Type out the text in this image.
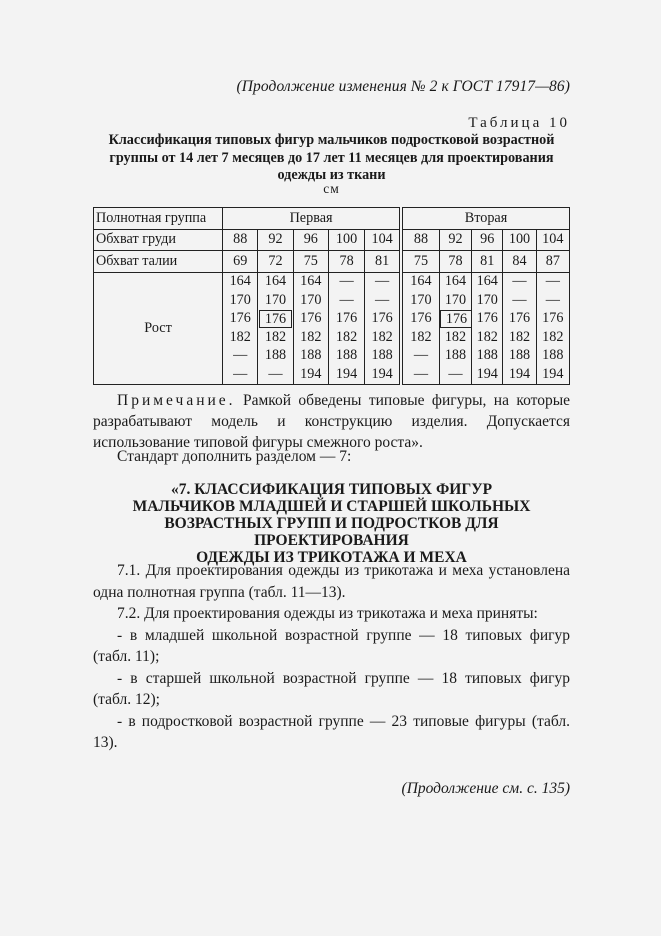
(Продолжение изменения № 2 к ГОСТ 17917—86)
Таблица 10
Классификация типовых фигур мальчиков подростковой возрастной
группы от 14 лет 7 месяцев до 17 лет 11 месяцев для проектирования
одежды из ткани
см
Полнотная группа	Первая					Вторая				
Обхват груди	88	92	96	100	104	88	92	96	100	104
Обхват талии	69	72	75	78	81	75	78	81	84	87
Рост	164	164	164	—	—	164	164	164	—	—
	170	170	170	—	—	170	170	170	—	—
	176	176	176	176	176	176	176	176	176	176
	182	182	182	182	182	182	182	182	182	182
	—	188	188	188	188	—	188	188	188	188
	—	—	194	194	194	—	—	194	194	194
Примечание. Рамкой обведены типовые фигуры, на которые разрабатывают модель и конструкцию изделия. Допускается использование типовой фигуры смежного роста».
Стандарт дополнить разделом — 7:
«7. КЛАССИФИКАЦИЯ ТИПОВЫХ ФИГУР
МАЛЬЧИКОВ МЛАДШЕЙ И СТАРШЕЙ ШКОЛЬНЫХ
ВОЗРАСТНЫХ ГРУПП И ПОДРОСТКОВ ДЛЯ ПРОЕКТИРОВАНИЯ
ОДЕЖДЫ ИЗ ТРИКОТАЖА И МЕХА

7.1. Для проектирования одежды из трикотажа и меха установлена одна полнотная группа (табл. 11—13).

7.2. Для проектирования одежды из трикотажа и меха приняты:

- в младшей школьной возрастной группе — 18 типовых фигур (табл. 11);

- в старшей школьной возрастной группе — 18 типовых фигур (табл. 12);

- в подростковой возрастной группе — 23 типовые фигуры (табл. 13).

(Продолжение см. с. 135)
